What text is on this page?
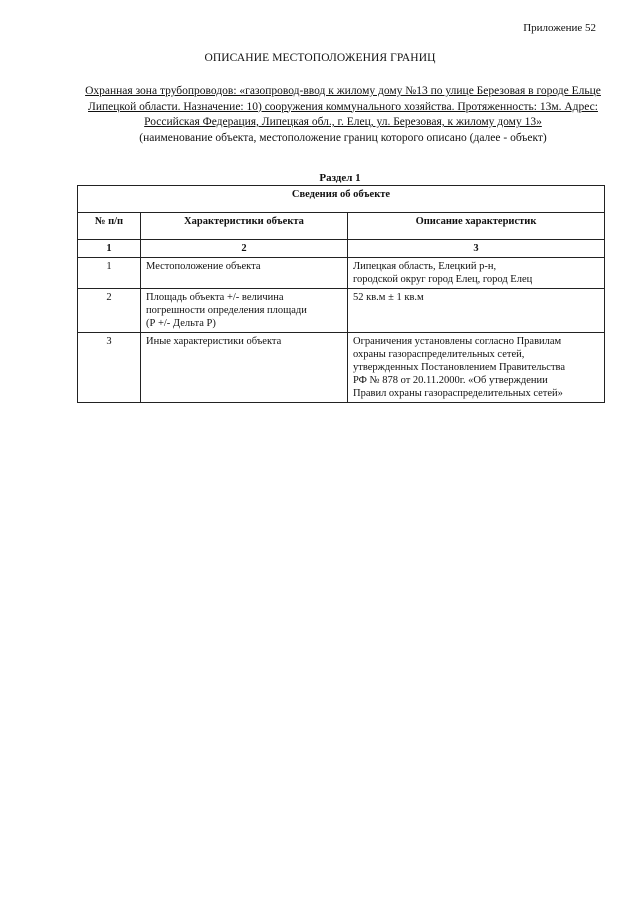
Приложение 52
ОПИСАНИЕ МЕСТОПОЛОЖЕНИЯ ГРАНИЦ
Охранная зона трубопроводов: «газопровод-ввод к жилому дому №13 по улице Березовая в городе Ельце Липецкой области. Назначение: 10) сооружения коммунального хозяйства. Протяженность: 13м. Адрес: Российская Федерация, Липецкая обл., г. Елец, ул. Березовая, к жилому дому 13»
(наименование объекта, местоположение границ которого описано (далее - объект)
Раздел 1
Сведения об объекте		
№ п/п	Характеристики объекта	Описание характеристик
1	2	3
1	Местоположение объекта	Липецкая область, Елецкий р-н,
городской округ город Елец, город Елец

2	Площадь объекта +/- величина
погрешности определения площади
(Р +/- Дельта Р)	52 кв.м ± 1 кв.м
3	Иные характеристики объекта	Ограничения установлены согласно Правилам
охраны газораспределительных сетей,
утвержденных Постановлением Правительства
РФ № 878 от 20.11.2000г. «Об утверждении
Правил охраны газораспределительных сетей»
